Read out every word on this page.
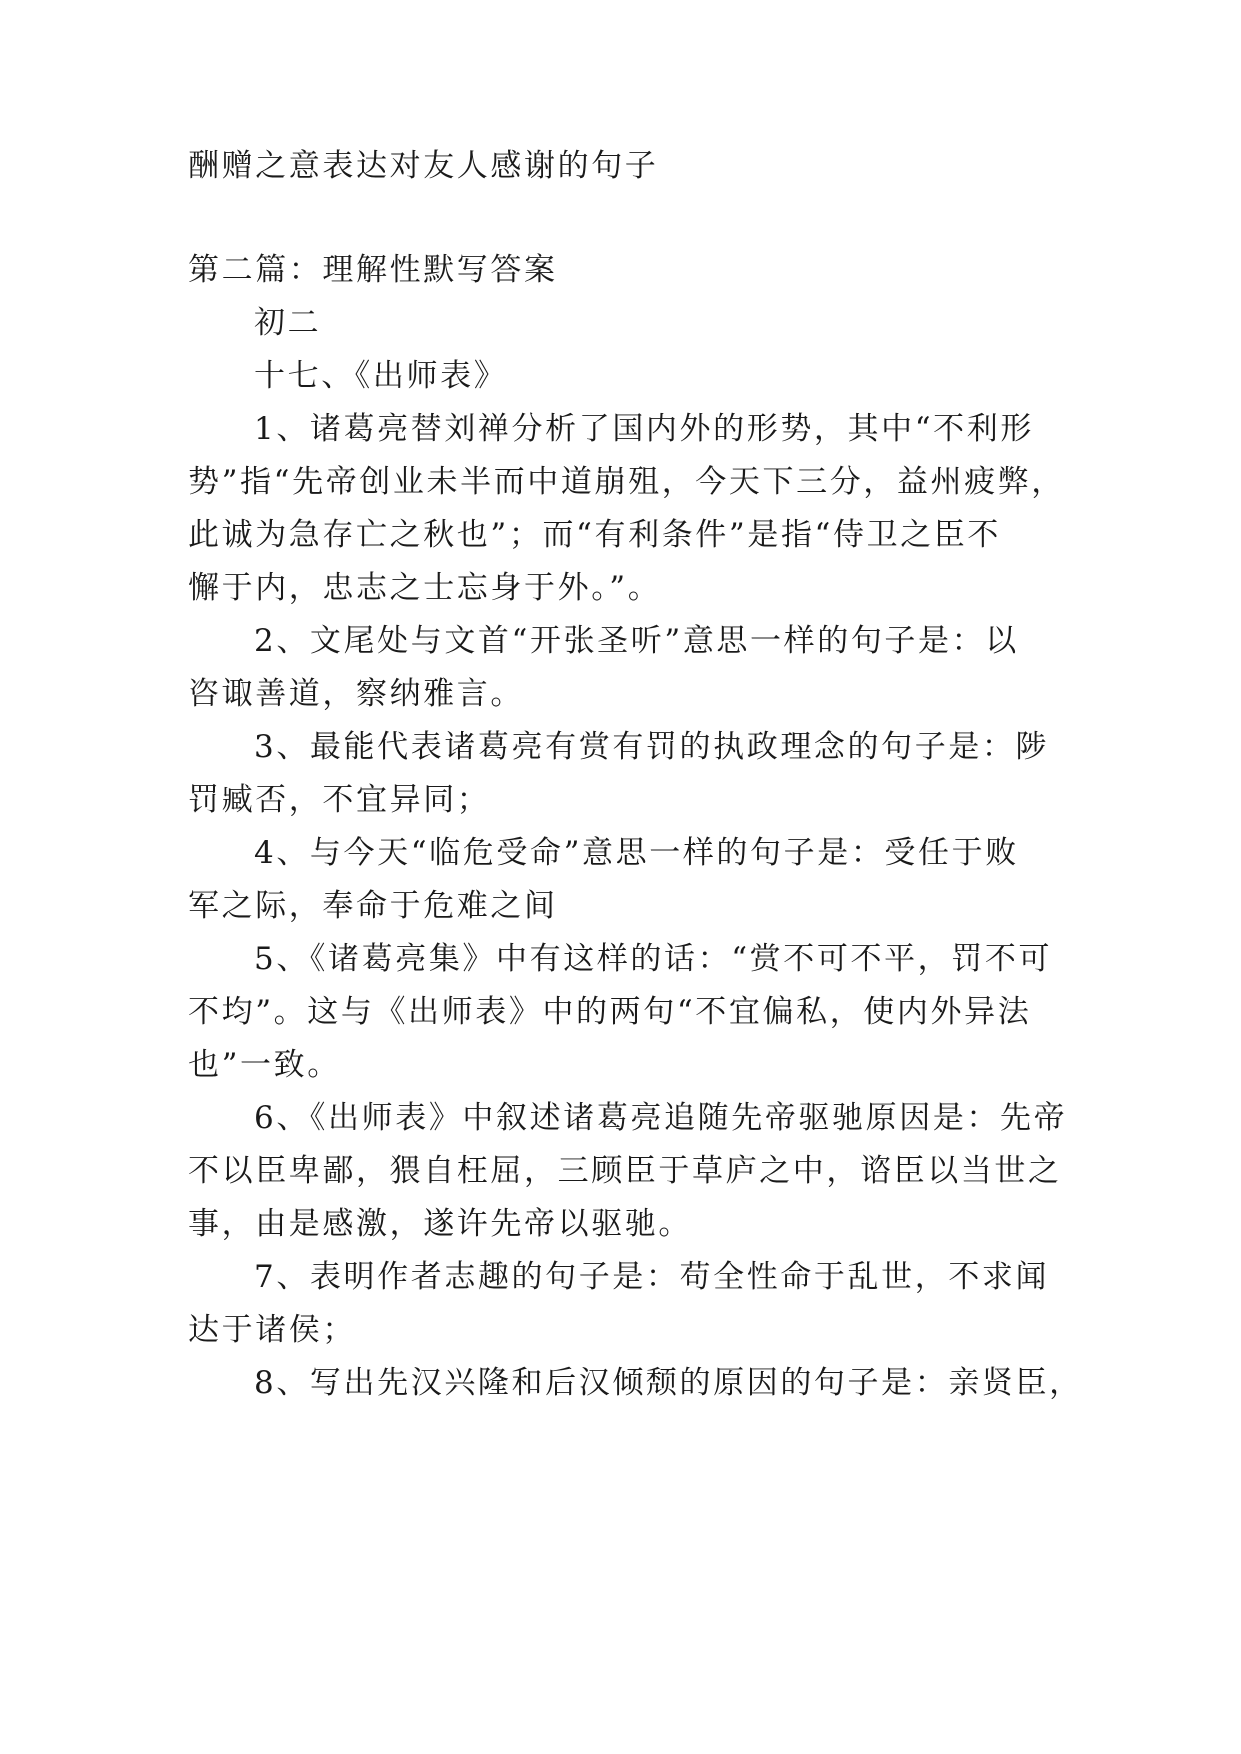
酬赠之意表达对友人感谢的句子
第二篇：理解性默写答案
初二
十七、《出师表》
1、诸葛亮替刘禅分析了国内外的形势，其中“不利形
势”指“先帝创业未半而中道崩殂，今天下三分，益州疲弊，
此诚为急存亡之秋也”；而“有利条件”是指“侍卫之臣不
懈于内，忠志之士忘身于外。”。
2、文尾处与文首“开张圣听”意思一样的句子是：以
咨诹善道，察纳雅言。
3、最能代表诸葛亮有赏有罚的执政理念的句子是：陟
罚臧否，不宜异同；
4、与今天“临危受命”意思一样的句子是：受任于败
军之际，奉命于危难之间
5、《诸葛亮集》中有这样的话：“赏不可不平，罚不可
不均”。这与《出师表》中的两句“不宜偏私，使内外异法
也”一致。
6、《出师表》中叙述诸葛亮追随先帝驱驰原因是：先帝
不以臣卑鄙，猥自枉屈，三顾臣于草庐之中，谘臣以当世之
事，由是感激，遂许先帝以驱驰。
7、表明作者志趣的句子是：苟全性命于乱世，不求闻
达于诸侯；
8、写出先汉兴隆和后汉倾颓的原因的句子是：亲贤臣，
